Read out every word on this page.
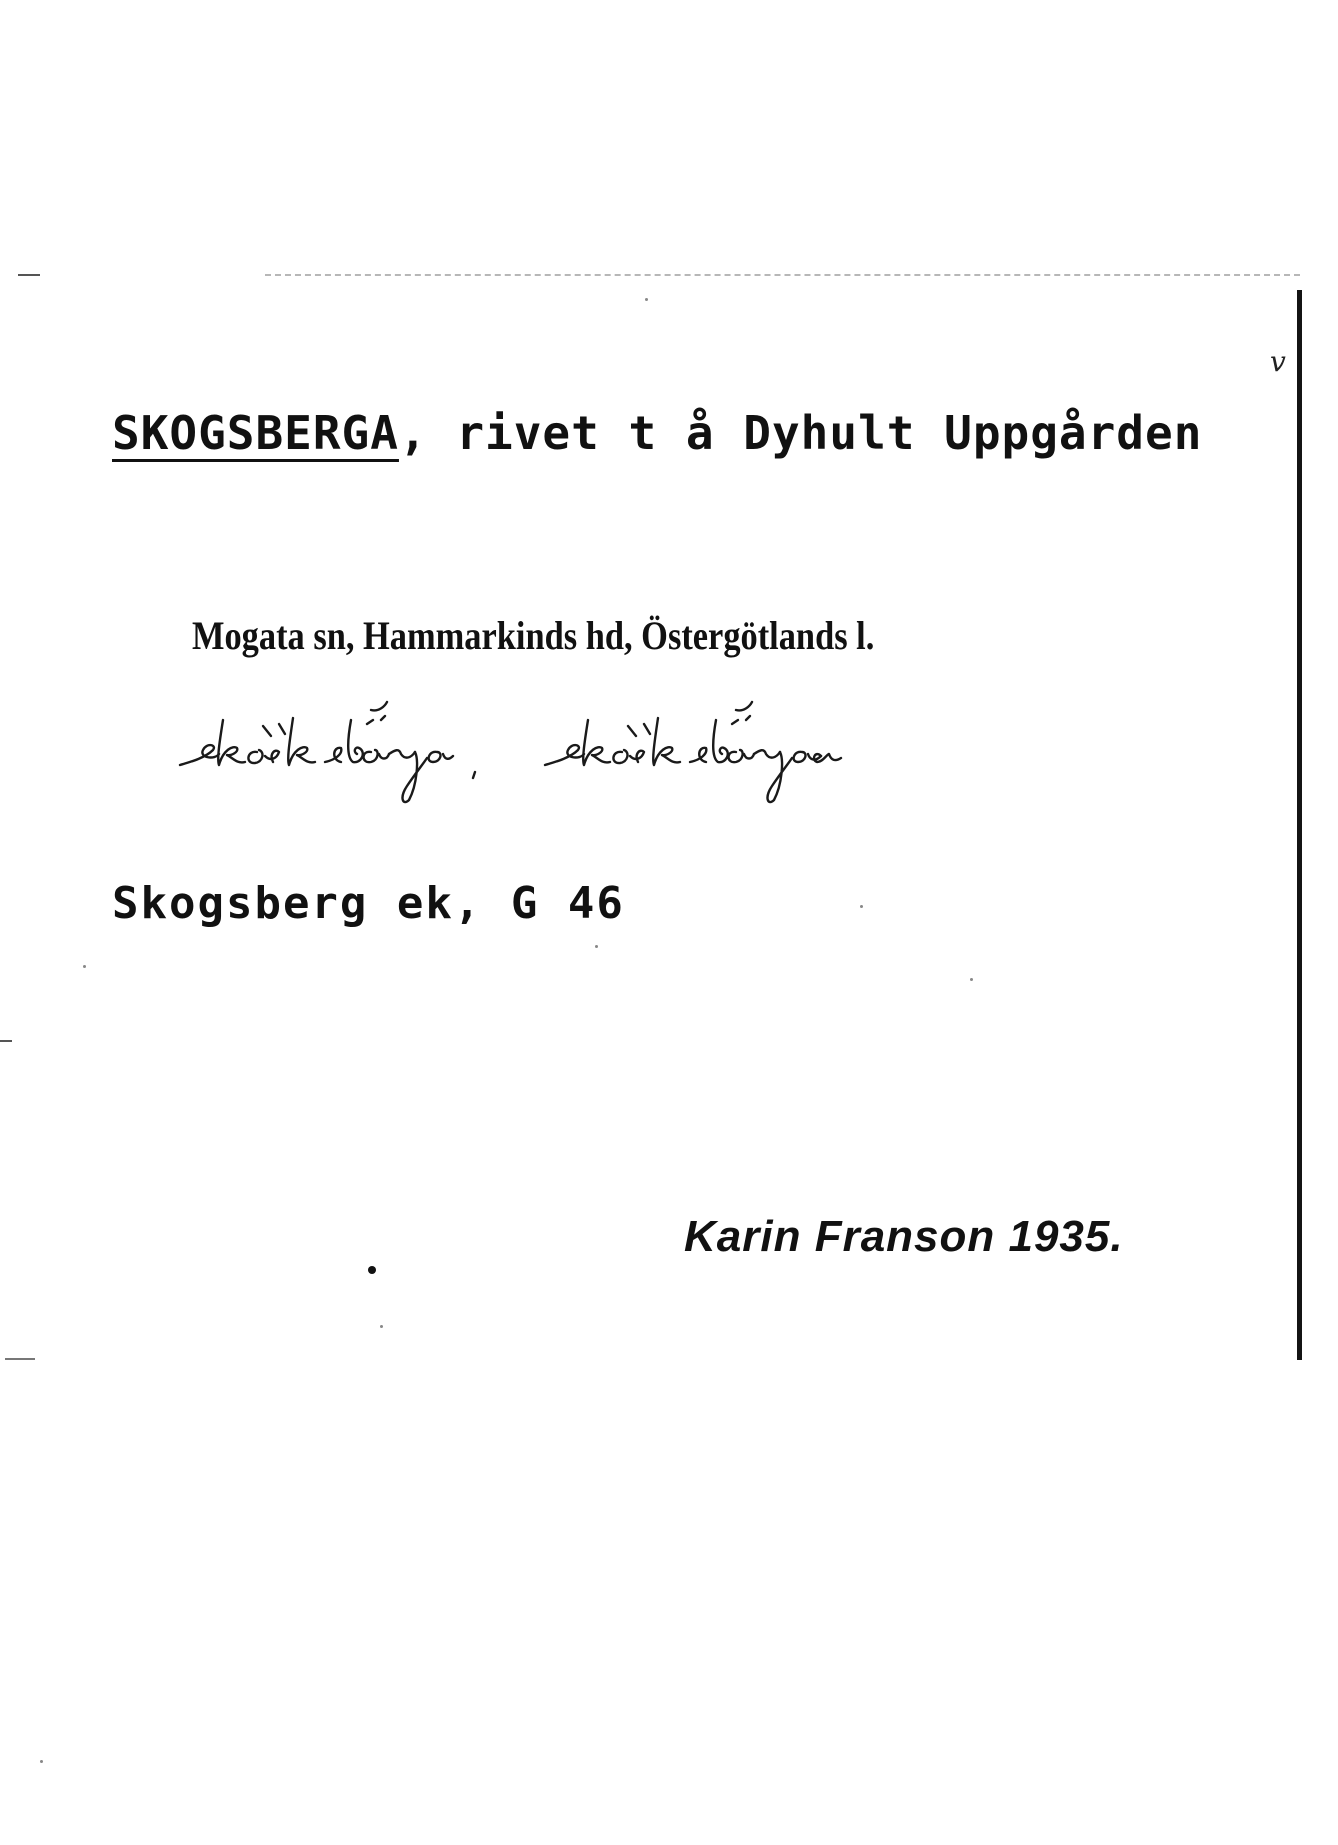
v
SKOGSBERGA, rivet t å Dyhult Uppgården
Mogata sn, Hammarkinds hd, Östergötlands l.
Skogsberg ek, G 46
Karin Franson 1935.
